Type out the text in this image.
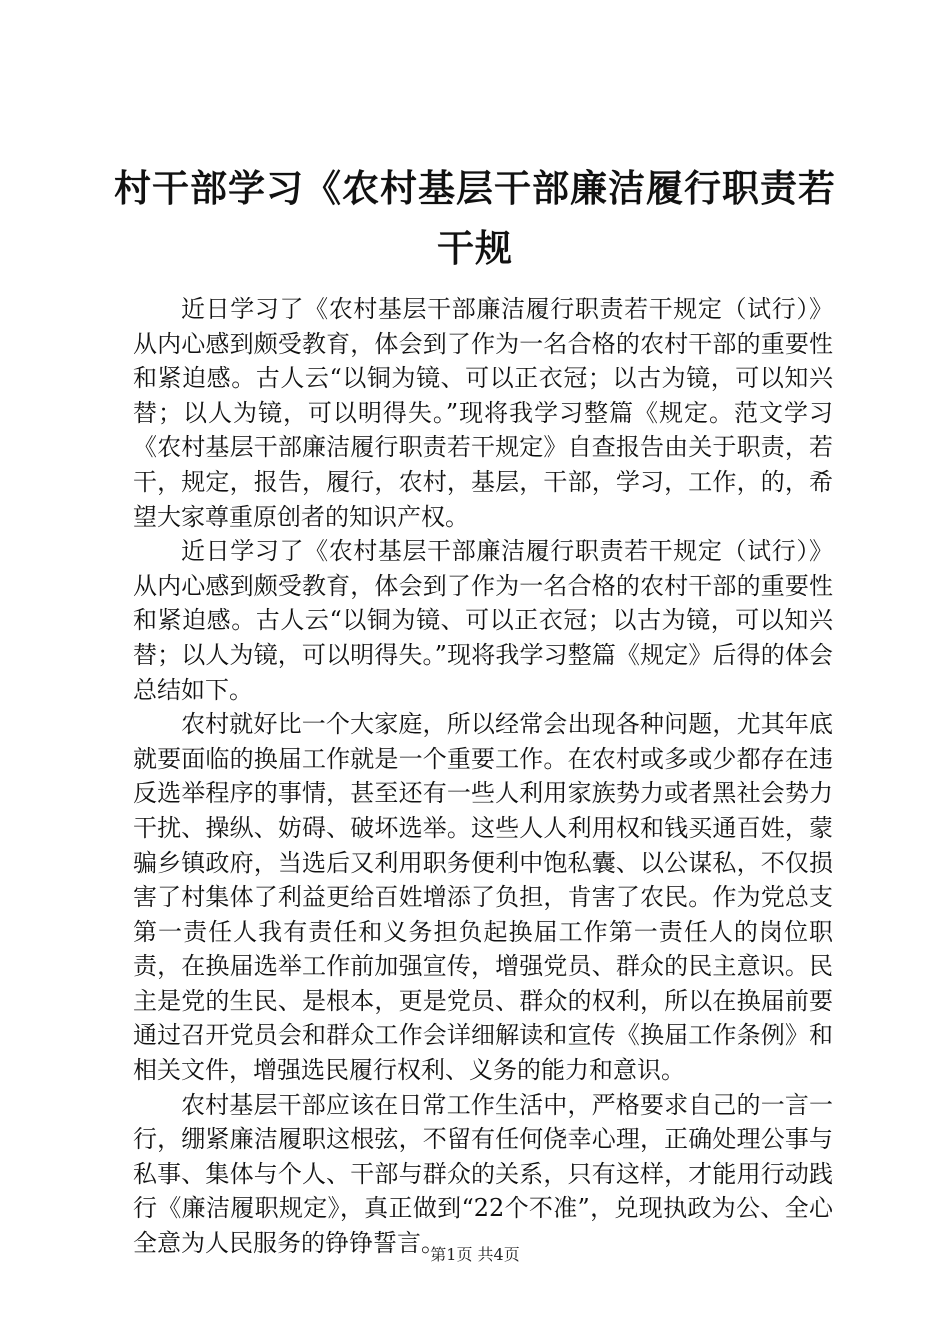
村干部学习《农村基层干部廉洁履行职责若干规

近日学习了《农村基层干部廉洁履行职责若干规定（试行）》从内心感到颇受教育，体会到了作为一名合格的农村干部的重要性和紧迫感。古人云“以铜为镜、可以正衣冠；以古为镜，可以知兴替；以人为镜，可以明得失。”现将我学习整篇《规定。范文学习《农村基层干部廉洁履行职责若干规定》自查报告由关于职责，若干，规定，报告，履行，农村，基层，干部，学习，工作，的，希望大家尊重原创者的知识产权。

近日学习了《农村基层干部廉洁履行职责若干规定（试行）》从内心感到颇受教育，体会到了作为一名合格的农村干部的重要性和紧迫感。古人云“以铜为镜、可以正衣冠；以古为镜，可以知兴替；以人为镜，可以明得失。”现将我学习整篇《规定》后得的体会总结如下。

农村就好比一个大家庭，所以经常会出现各种问题，尤其年底就要面临的换届工作就是一个重要工作。在农村或多或少都存在违反选举程序的事情，甚至还有一些人利用家族势力或者黑社会势力干扰、操纵、妨碍、破坏选举。这些人人利用权和钱买通百姓，蒙骗乡镇政府，当选后又利用职务便利中饱私囊、以公谋私，不仅损害了村集体了利益更给百姓增添了负担，肯害了农民。作为党总支第一责任人我有责任和义务担负起换届工作第一责任人的岗位职责，在换届选举工作前加强宣传，增强党员、群众的民主意识。民主是党的生民、是根本，更是党员、群众的权利，所以在换届前要通过召开党员会和群众工作会详细解读和宣传《换届工作条例》和相关文件，增强选民履行权利、义务的能力和意识。

农村基层干部应该在日常工作生活中，严格要求自己的一言一行，绷紧廉洁履职这根弦，不留有任何侥幸心理，正确处理公事与私事、集体与个人、干部与群众的关系，只有这样，才能用行动践行《廉洁履职规定》，真正做到“22个不准”，兑现执政为公、全心全意为人民服务的铮铮誓言。

第1页 共4页
